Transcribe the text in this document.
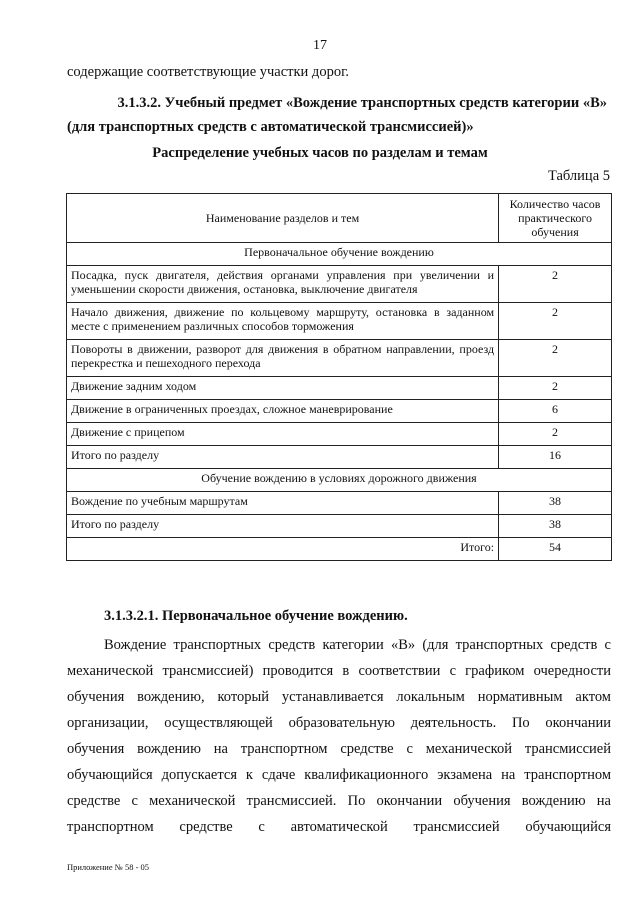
17
содержащие соответствующие участки дорог.
3.1.3.2. Учебный предмет «Вождение транспортных средств категории «B»
(для транспортных средств с автоматической трансмиссией)»
Распределение учебных часов по разделам и темам
Таблица 5
Наименование разделов и тем	Количество часов практического обучения
Первоначальное обучение вождению	
Посадка, пуск двигателя, действия органами управления при увеличении и уменьшении скорости движения, остановка, выключение двигателя	2
Начало движения, движение по кольцевому маршруту, остановка в заданном месте с применением различных способов торможения	2
Повороты в движении, разворот для движения в обратном направлении, проезд перекрестка и пешеходного перехода	2
Движение задним ходом	2
Движение в ограниченных проездах, сложное маневрирование	6
Движение с прицепом	2
Итого по разделу	16
Обучение вождению в условиях дорожного движения	
Вождение по учебным маршрутам	38
Итого по разделу	38
Итого:	54
3.1.3.2.1. Первоначальное обучение вождению.
Вождение транспортных средств категории «B» (для транспортных средств с механической трансмиссией) проводится в соответствии с графиком очередности обучения вождению, который устанавливается локальным нормативным актом организации, осуществляющей образовательную деятельность. По окончании обучения вождению на транспортном средстве с механической трансмиссией обучающийся допускается к сдаче квалификационного экзамена на транспортном средстве с механической трансмиссией. По окончании обучения вождению на транспортном средстве с автоматической трансмиссией обучающийся
Приложение № 58 - 05
